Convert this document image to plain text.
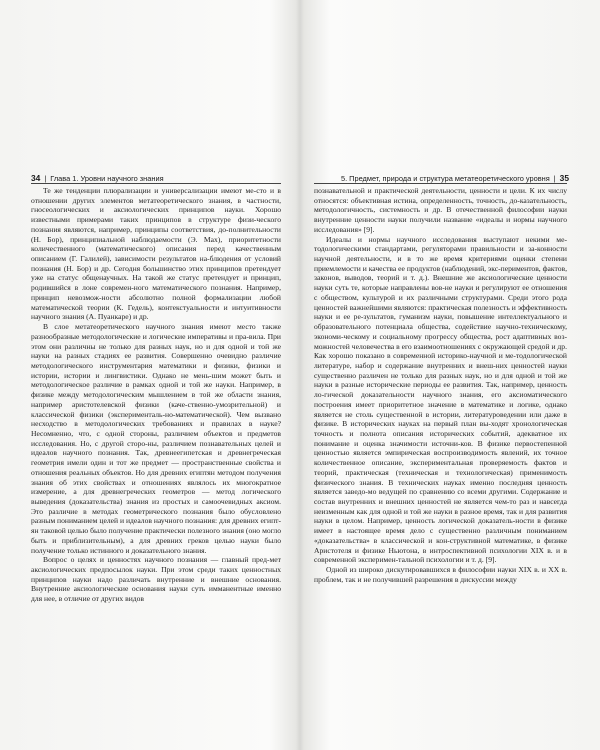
34 | Глава 1. Уровни научного знания

Те же тенденции плюрализации и универсализации имеют ме-сто и в отношении других элементов метатеоретического знания, в частности, гносеологических и аксиологических принципов науки. Хорошо известными примерами таких принципов в структуре физи-ческого познания являются, например, принципы соответствия, до-полнительности (Н. Бор), принципиальной наблюдаемости (Э. Мах), приоритетности количественного (математического) описания перед качественным описанием (Г. Галилей), зависимости результатов на-блюдения от условий познания (Н. Бор) и др. Сегодня большинство этих принципов претендует уже на статус общенаучных. На такой же статус претендует и принцип, родившийся в лоне современ-ного математического познания. Например, принцип невозмож-ности абсолютно полной формализации любой математической теории (К. Гедель), контекстуальности и интуитивности научного знания (А. Пуанкаре) и др.

В слое метатеоретического научного знания имеют место также разнообразные методологические и логические императивы и пра-вила. При этом они различны не только для разных наук, но и для одной и той же науки на разных стадиях ее развития. Совершенно очевидно различие методологического инструментария математики и физики, физики и истории, истории и лингвистики. Однако не мень-шим может быть и методологическое различие в рамках одной и той же науки. Например, в физике между методологическим мышлением в той же области знания, например аристотелевской физики (каче-ственно-умозрительной) и классической физики (эксперименталь-но-математической). Чем вызвано несходство в методологических требованиях и правилах в науке? Несомненно, что, с одной стороны, различием объектов и предметов исследования. Но, с другой сторо-ны, различием познавательных целей и идеалов научного познания. Так, древнеегипетская и древнегреческая геометрия имели один и тот же предмет — пространственные свойства и отношения реальных объектов. Но для древних египтян методом получения знания об этих свойствах и отношениях являлось их многократное измерение, а для древнегреческих геометров — метод логического выведения (доказательства) знания из простых и самоочевидных аксиом. Это различие в методах геометрического познания было обусловлено разным пониманием целей и идеалов научного познания: для древних египт-ян таковой целью было получение практически полезного знания (оно могло быть и приблизительным), а для древних греков целью науки было получение только истинного и доказательного знания.

Вопрос о целях и ценностях научного познания — главный пред-мет аксиологических предпосылок науки. При этом среди таких ценностных принципов науки надо различать внутренние и внешние основания. Внутренние аксиологические основания науки суть имманентные именно для нее, в отличие от других видов

5. Предмет, природа и структура метатеоретического уровня | 35

познавательной и практической деятельности, ценности и цели. К их числу относятся: объективная истина, определенность, точность, до-казательность, методологичность, системность и др. В отечественной философии науки внутренние ценности науки получили название «идеалы и нормы научного исследования» [9].

Идеалы и нормы научного исследования выступают некими ме-тодологическими стандартами, регуляторами правильности и за-конности научной деятельности, и в то же время критериями оценки степени приемлемости и качества ее продуктов (наблюдений, экс-периментов, фактов, законов, выводов, теорий и т. д.). Внешние же аксиологические ценности науки суть те, которые направлены вов-не науки и регулируют ее отношения с обществом, культурой и их различными структурами. Среди этого рода ценностей важнейшими являются: практическая полезность и эффективность науки и ее ре-зультатов, гуманизм науки, повышение интеллектуального и образовательного потенциала общества, содействие научно-техническому, экономи-ческому и социальному прогрессу общества, рост адаптивных воз-можностей человечества в его взаимоотношениях с окружающей средой и др. Как хорошо показано в современной историко-научной и ме-тодологической литературе, набор и содержание внутренних и внеш-них ценностей науки существенно различен не только для разных наук, но и для одной и той же науки в разные исторические периоды ее развития. Так, например, ценность ло-гической доказательности научного знания, его аксиоматического построения имеет приоритетное значение в математике и логике, однако является не столь существенной в истории, литературоведении или даже в физике. В исторических науках на первый план вы-ходят хронологическая точность и полнота описания исторических событий, адекватное их понимание и оценка значимости источни-ков. В физике первостепенной ценностью является эмпирическая воспроизводимость явлений, их точное количественное описание, экспериментальная проверяемость фактов и теорий, практическая (техническая и технологическая) применимость физического знания. В технических науках именно последняя ценность является заведо-мо ведущей по сравнению со всеми другими. Содержание и состав внутренних и внешних ценностей не является чем-то раз и навсегда неизменным как для одной и той же науки в разное время, так и для развития науки в целом. Например, ценность логической доказатель-ности в физике имеет в настоящее время дело с существенно различным пониманием «доказательства» в классической и кон-структивной математике, в физике Аристотеля и физике Ньютона, в интроспективной психологии XIX в. и в современной эксперимен-тальной психологии и т. д. [9].

Одной из широко дискутировавшихся в философии науки XIX в. и XX в. проблем, так и не получившей разрешения в дискуссии между
